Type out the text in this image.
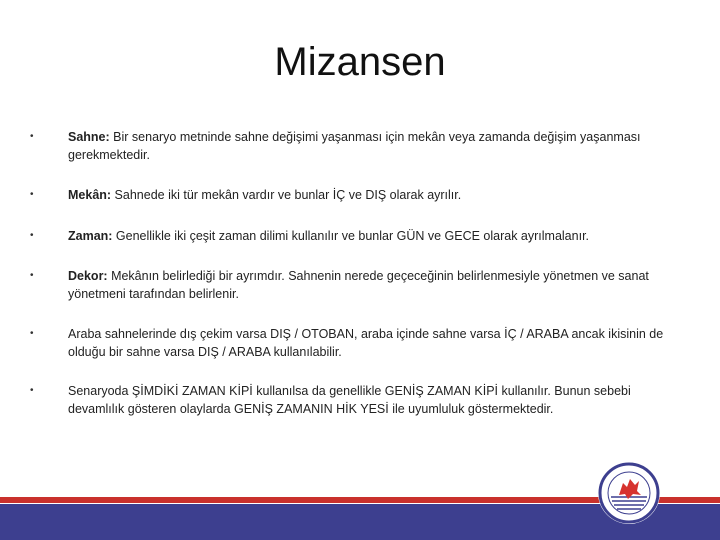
Mizansen
•	Sahne: Bir senaryo metninde sahne değişimi yaşanması için mekân veya zamanda değişim yaşanması gerekmektedir.
•	Mekân: Sahnede iki tür mekân vardır ve bunlar İÇ ve DIŞ olarak ayrılır.
•	Zaman: Genellikle iki çeşit zaman dilimi kullanılır ve bunlar GÜN ve GECE olarak ayrılmalanır.
•	Dekor: Mekânın belirlediği bir ayrımdır. Sahnenin nerede geçeceğinin belirlenmesiyle yönetmen ve sanat yönetmeni tarafından belirlenir.
•	Araba sahnelerinde dış çekim varsa DIŞ / OTOBAN, araba içinde sahne varsa İÇ / ARABA ancak ikisinin de olduğu bir sahne varsa DIŞ / ARABA kullanılabilir.
•	Senaryoda ŞİMDİKİ ZAMAN KİPİ kullanılsa da genellikle GENİŞ ZAMAN KİPİ kullanılır. Bunun sebebi devamlılık gösteren olaylarda GENİŞ ZAMANIN HİK YESİ ile uyumluluk göstermektedir.
